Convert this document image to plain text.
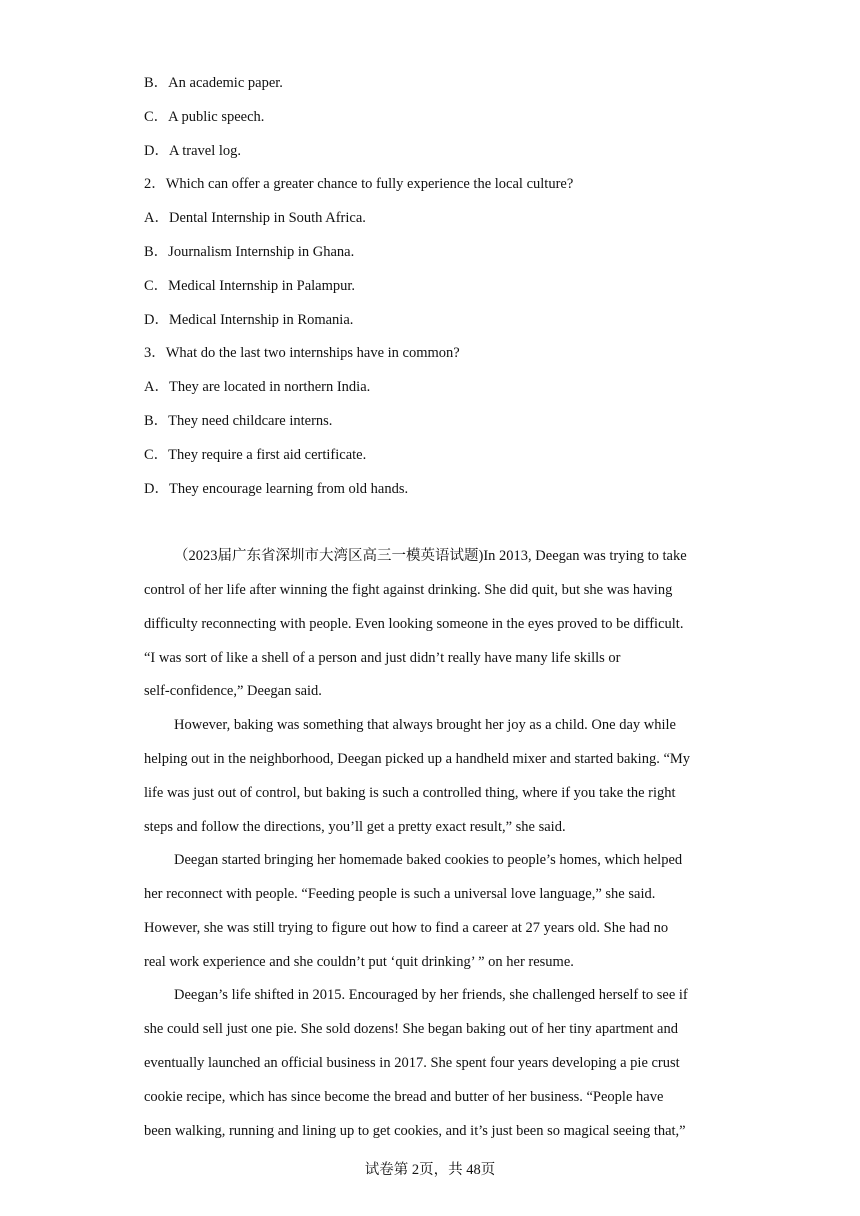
B．An academic paper.
C．A public speech.
D．A travel log.
2．Which can offer a greater chance to fully experience the local culture?
A．Dental Internship in South Africa.
B．Journalism Internship in Ghana.
C．Medical Internship in Palampur.
D．Medical Internship in Romania.
3．What do the last two internships have in common?
A．They are located in northern India.
B．They need childcare interns.
C．They require a first aid certificate.
D．They encourage learning from old hands.
（2023届广东省深圳市大湾区高三一模英语试题)In 2013, Deegan was trying to take
control of her life after winning the fight against drinking. She did quit, but she was having
difficulty reconnecting with people. Even looking someone in the eyes proved to be difficult.
“I was sort of like a shell of a person and just didn’t really have many life skills or
self-confidence,” Deegan said.
However, baking was something that always brought her joy as a child. One day while
helping out in the neighborhood, Deegan picked up a handheld mixer and started baking. “My
life was just out of control, but baking is such a controlled thing, where if you take the right
steps and follow the directions, you’ll get a pretty exact result,” she said.
Deegan started bringing her homemade baked cookies to people’s homes, which helped
her reconnect with people. “Feeding people is such a universal love language,” she said.
However, she was still trying to figure out how to find a career at 27 years old. She had no
real work experience and she couldn’t put ‘quit drinking’ ” on her resume.
Deegan’s life shifted in 2015. Encouraged by her friends, she challenged herself to see if
she could sell just one pie. She sold dozens! She began baking out of her tiny apartment and
eventually launched an official business in 2017. She spent four years developing a pie crust
cookie recipe, which has since become the bread and butter of her business. “People have
been walking, running and lining up to get cookies, and it’s just been so magical seeing that,”
试卷第 2页，共 48页
